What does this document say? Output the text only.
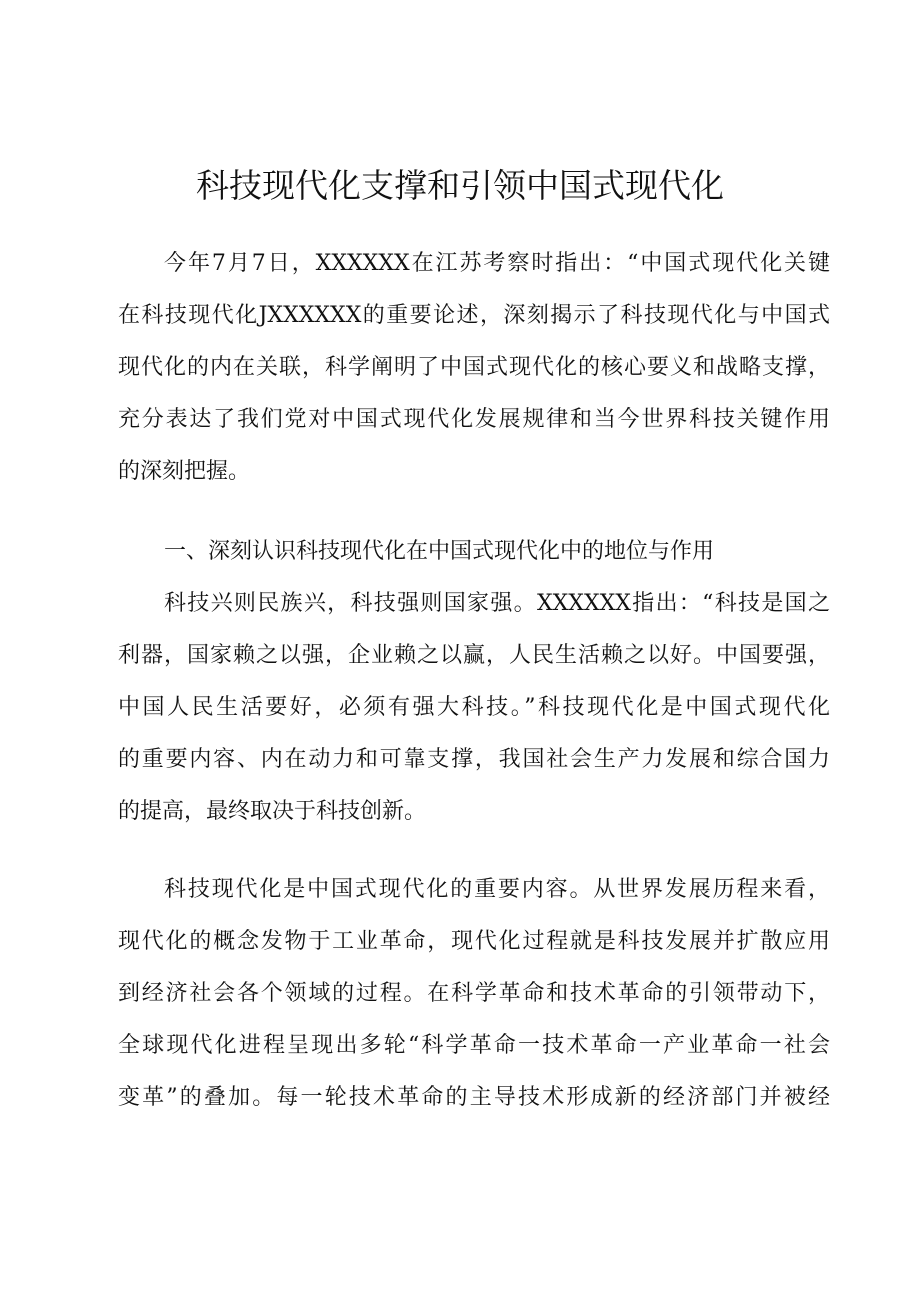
科技现代化支撑和引领中国式现代化
今年7月7日，XXXXXX在江苏考察时指出：“中国式现代化关键
在科技现代化JXXXXXX的重要论述，深刻揭示了科技现代化与中国式
现代化的内在关联，科学阐明了中国式现代化的核心要义和战略支撑，
充分表达了我们党对中国式现代化发展规律和当今世界科技关键作用
的深刻把握。
一、深刻认识科技现代化在中国式现代化中的地位与作用
科技兴则民族兴，科技强则国家强。XXXXXX指出：“科技是国之
利器，国家赖之以强，企业赖之以赢，人民生活赖之以好。中国要强，
中国人民生活要好，必须有强大科技。”科技现代化是中国式现代化
的重要内容、内在动力和可靠支撑，我国社会生产力发展和综合国力
的提高，最终取决于科技创新。
科技现代化是中国式现代化的重要内容。从世界发展历程来看，
现代化的概念发物于工业革命，现代化过程就是科技发展并扩散应用
到经济社会各个领域的过程。在科学革命和技术革命的引领带动下，
全球现代化进程呈现出多轮“科学革命一技术革命一产业革命一社会
变革”的叠加。每一轮技术革命的主导技术形成新的经济部门并被经
